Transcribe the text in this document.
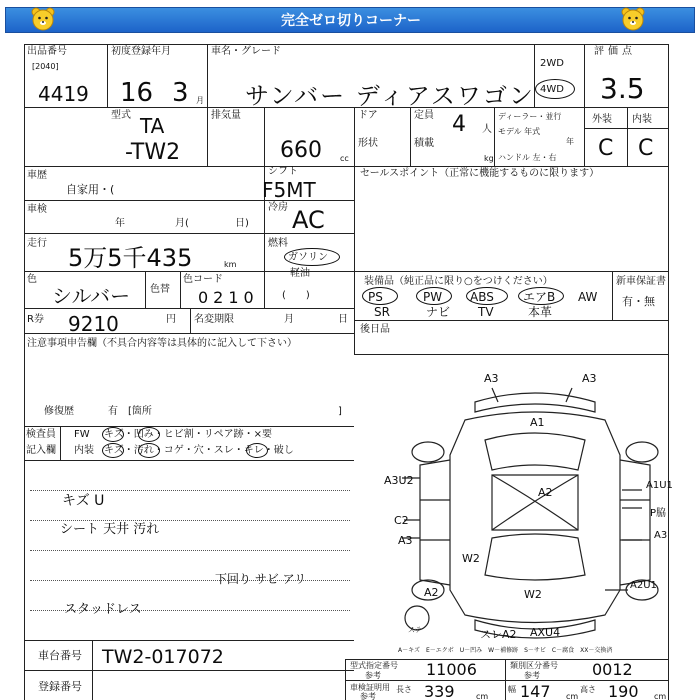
完全ゼロ切りコーナー
出品番号
[2040]
4419
初度登録年月
16 3 月
車名・グレード
サンバー ディアスワゴン
2WD
4WD
評価点
3.5
型式 TA
-TW2
排気量
660 cc
ドア
形状
定員 4 人
積載
kg
ディーラー・並行
モデル 年式
年
ハンドル 左・右
外装 内装
C C
車歴
自家用・(
シフト
F5MT
セールスポイント（正常に機能するものに限ります）
車検
年	月(	日)
冷房 AC
走行
5万5千435	km
燃料
ガソリン
軽油
(　　)
色
シルバー 色替
色コード
0210
装備品（純正品に限り○をつけください）	新車保証書
有・無
PS	PW ABS エアB AW
SR	ナビ TV	本革
R券 9210	円 名変期限	月	日
後日品
注意事項申告欄（不具合内容等は具体的に記入して下さい）
修復歴	有　[箇所	]
検査員
記入欄
FW キズ・凹み・ヒビ割・リペア跡・×要
内装 キズ・汚れ・コゲ・穴・スレ・キレ・破し
キズ U
シート 天井 汚れ
下回り サビ アリ
スタッドレス
車台番号 TW2-017072
登録番号
型式指定番号
参考	11006	類別区分番号
参考	0012
車検証明用
参考
長さ 339	cm
幅 147 cm
高さ 190 cm
A－キズ　E－エクボ　U－凹み　W－補修跡　S－サビ　C－腐食　XX－交換済
A3	A3
A1
A3U2
A2
C2
A3
W2
A2	W2
A1U1
P脇
A3
A2U1
スレA2 AXU4
ステ
